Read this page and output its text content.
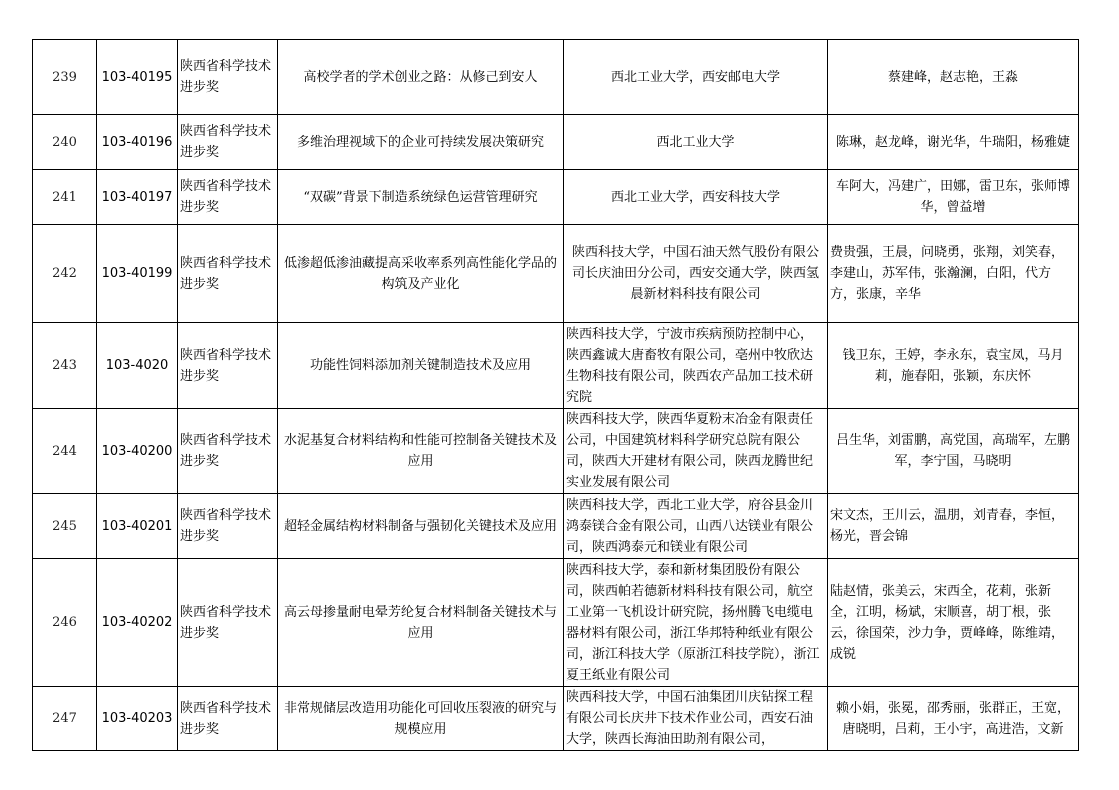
239	103-40195	陕西省科学技术进步奖	高校学者的学术创业之路：从修己到安人	西北工业大学，西安邮电大学	蔡建峰，赵志艳，王淼
240	103-40196	陕西省科学技术进步奖	多维治理视域下的企业可持续发展决策研究	西北工业大学	陈琳，赵龙峰，谢光华，牛瑞阳，杨雅婕
241	103-40197	陕西省科学技术进步奖	“双碳”背景下制造系统绿色运营管理研究	西北工业大学，西安科技大学	车阿大，冯建广，田娜，雷卫东，张师博华，曾益增
242	103-40199	陕西省科学技术进步奖	低渗超低渗油藏提高采收率系列高性能化学品的构筑及产业化	陕西科技大学，中国石油天然气股份有限公司长庆油田分公司，西安交通大学，陕西氢晨新材料科技有限公司	费贵强，王晨，问晓勇，张翔，刘笑春，李建山，苏军伟，张瀚澜，白阳，代方方，张康，辛华
243	103-4020	陕西省科学技术进步奖	功能性饲料添加剂关键制造技术及应用	陕西科技大学，宁波市疾病预防控制中心，陕西鑫诚大唐畜牧有限公司，亳州中牧欣达生物科技有限公司，陕西农产品加工技术研究院	钱卫东，王婷，李永东，袁宝凤，马月莉，施春阳，张颖，东庆怀
244	103-40200	陕西省科学技术进步奖	水泥基复合材料结构和性能可控制备关键技术及应用	陕西科技大学，陕西华夏粉末冶金有限责任公司，中国建筑材料科学研究总院有限公司，陕西大开建材有限公司，陕西龙腾世纪实业发展有限公司	吕生华，刘雷鹏，高党国，高瑞军，左鹏军，李宁国，马晓明
245	103-40201	陕西省科学技术进步奖	超轻金属结构材料制备与强韧化关键技术及应用	陕西科技大学，西北工业大学，府谷县金川鸿泰镁合金有限公司，山西八达镁业有限公司，陕西鸿泰元和镁业有限公司	宋文杰，王川云，温朋，刘青春，李恒，杨光，晋会锦
246	103-40202	陕西省科学技术进步奖	高云母掺量耐电晕芳纶复合材料制备关键技术与应用	陕西科技大学，泰和新材集团股份有限公司，陕西帕若德新材料科技有限公司，航空工业第一飞机设计研究院，扬州腾飞电缆电器材料有限公司，浙江华邦特种纸业有限公司，浙江科技大学（原浙江科技学院），浙江夏王纸业有限公司	陆赵情，张美云，宋西全，花莉，张新全，江明，杨斌，宋顺喜，胡丁根，张云，徐国荣，沙力争，贾峰峰，陈维靖，成锐
247	103-40203	陕西省科学技术进步奖	非常规储层改造用功能化可回收压裂液的研究与规模应用	陕西科技大学，中国石油集团川庆钻探工程有限公司长庆井下技术作业公司，西安石油大学，陕西长海油田助剂有限公司，	赖小娟，张冕，邵秀丽，张群正，王宽，唐晓明，吕莉，王小宇，高进浩，文新
